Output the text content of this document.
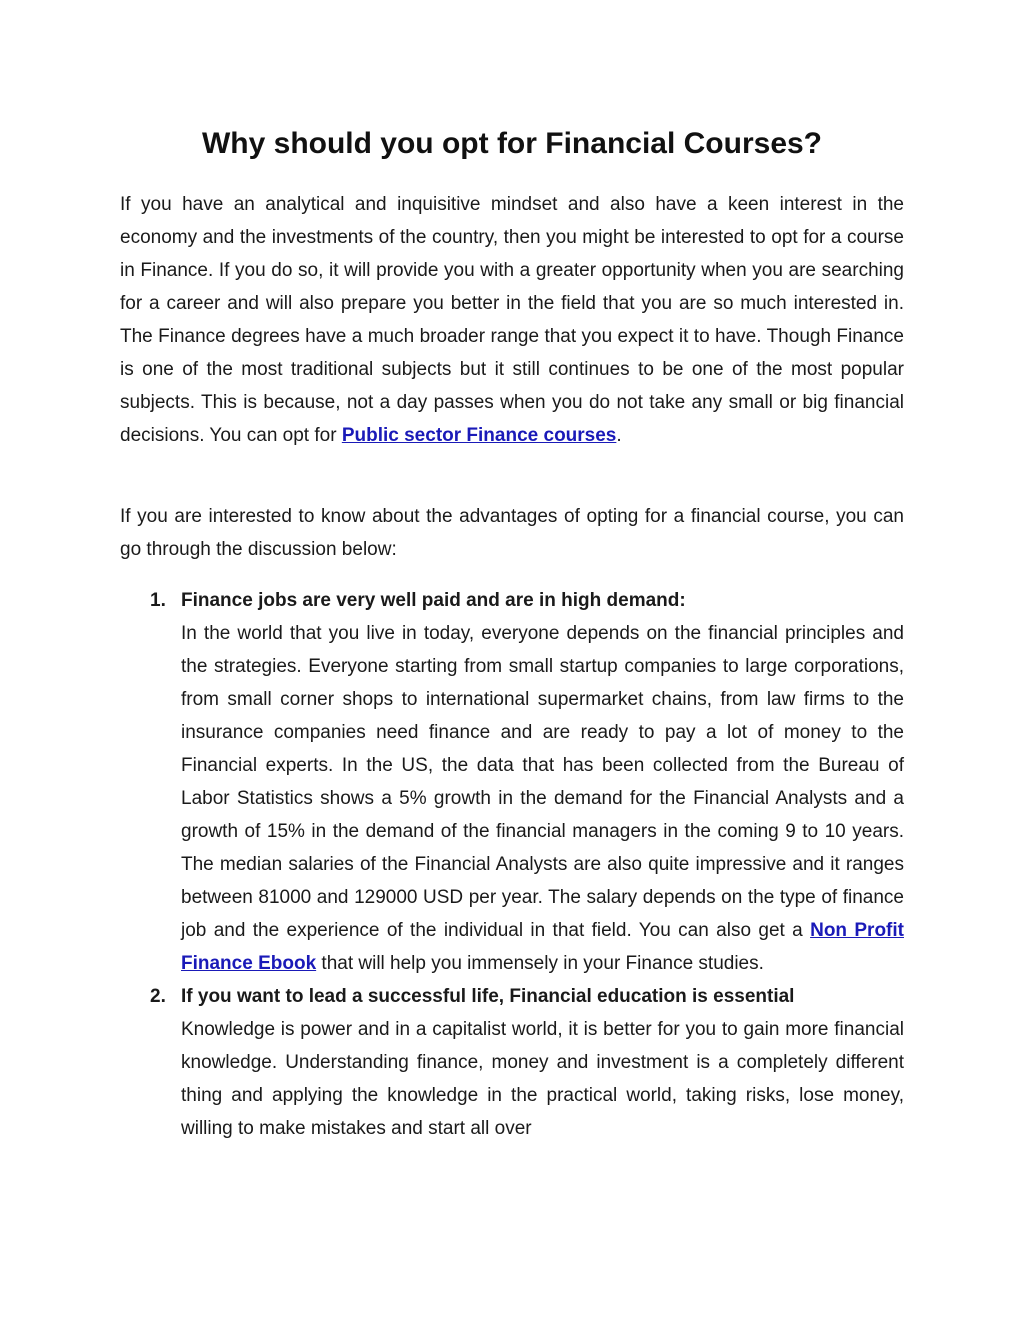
Why should you opt for Financial Courses?

If you have an analytical and inquisitive mindset and also have a keen interest in the economy and the investments of the country, then you might be interested to opt for a course in Finance. If you do so, it will provide you with a greater opportunity when you are searching for a career and will also prepare you better in the field that you are so much interested in. The Finance degrees have a much broader range that you expect it to have. Though Finance is one of the most traditional subjects but it still continues to be one of the most popular subjects. This is because, not a day passes when you do not take any small or big financial decisions. You can opt for Public sector Finance courses.

If you are interested to know about the advantages of opting for a financial course, you can go through the discussion below:

1. Finance jobs are very well paid and are in high demand:

In the world that you live in today, everyone depends on the financial principles and the strategies. Everyone starting from small startup companies to large corporations, from small corner shops to international supermarket chains, from law firms to the insurance companies need finance and are ready to pay a lot of money to the Financial experts. In the US, the data that has been collected from the Bureau of Labor Statistics shows a 5% growth in the demand for the Financial Analysts and a growth of 15% in the demand of the financial managers in the coming 9 to 10 years. The median salaries of the Financial Analysts are also quite impressive and it ranges between 81000 and 129000 USD per year. The salary depends on the type of finance job and the experience of the individual in that field. You can also get a Non Profit Finance Ebook that will help you immensely in your Finance studies.

2. If you want to lead a successful life, Financial education is essential

Knowledge is power and in a capitalist world, it is better for you to gain more financial knowledge. Understanding finance, money and investment is a completely different thing and applying the knowledge in the practical world, taking risks, lose money, willing to make mistakes and start all over
